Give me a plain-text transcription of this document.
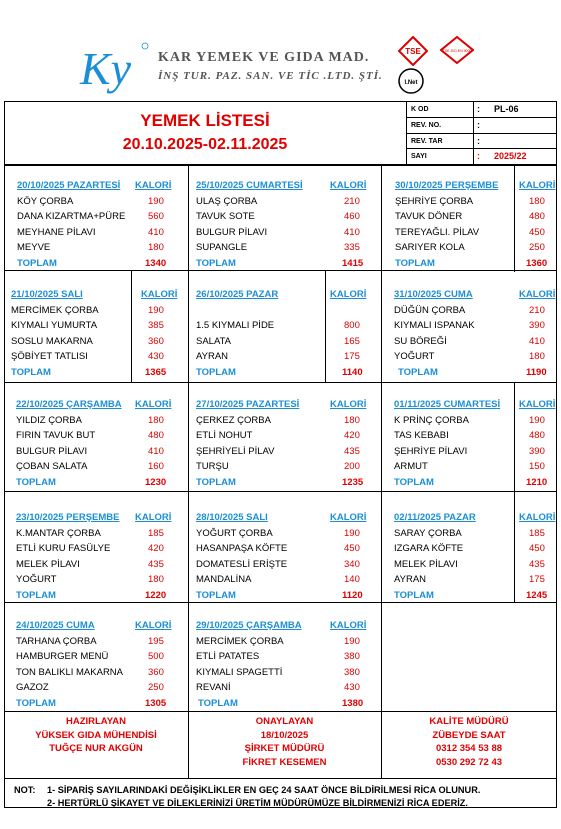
Ky KAR YEMEK VE GIDA MAD.
İNŞ TUR. PAZ. SAN. VE TİC .LTD. ŞTİ.
TSE	TSE-ISO-EN 9000
I.Net
YEMEK LİSTESİ
20.10.2025-02.11.2025
K OD	: PL-06
REV. NO.	:
REV. TAR	:
SAYI	: 2025/22
20/10/2025 PAZARTESİ KALORİ
KÖY ÇORBA	190
DANA KIZARTMA+PÜRE 560
MEYHANE PİLAVI	410
MEYVE	180
TOPLAM	1340
25/10/2025 CUMARTESİ	KALORİ
ULAŞ ÇORBA	210
TAVUK SOTE	460
BULGUR PİLAVI	410
SUPANGLE	335
TOPLAM	1415
30/10/2025 PERŞEMBE KALORİ
ŞEHRİYE ÇORBA	180
TAVUK DÖNER	480
TEREYAĞLI. PİLAV	450
SARIYER KOLA	250
TOPLAM	1360
21/10/2025 SALI	KALORİ
MERCİMEK ÇORBA	190
KIYMALI YUMURTA	385
SOSLU MAKARNA	360
ŞÖBİYET TATLISI	430
TOPLAM	1365
26/10/2025 PAZAR	KALORİ
1.5 KIYMALI PİDE	800
SALATA	165
AYRAN	175
TOPLAM	1140
31/10/2025 CUMA	KALORİ
DÜĞÜN ÇORBA	210
KIYMALI ISPANAK	390
SU BÖREĞİ	410
YOĞURT	180
TOPLAM	1190
22/10/2025 ÇARŞAMBA KALORİ
YILDIZ ÇORBA	180
FIRIN TAVUK BUT	480
BULGUR PİLAVI	410
ÇOBAN SALATA	160
TOPLAM	1230
27/10/2025 PAZARTESİ	KALORİ
ÇERKEZ ÇORBA	180
ETLİ NOHUT	420
ŞEHRİYELİ PİLAV	435
TURŞU	200
TOPLAM	1235
01/11/2025 CUMARTESİ KALORİ
K PRİNÇ ÇORBA	190
TAS KEBABI	480
ŞEHRİYE PİLAVI	390
ARMUT	150
TOPLAM	1210
23/10/2025 PERŞEMBE KALORİ
K.MANTAR ÇORBA	185
ETLİ KURU FASÜLYE	420
MELEK PİLAVI	435
YOĞURT	180
TOPLAM	1220
28/10/2025 SALI	KALORİ
YOĞURT ÇORBA	190
HASANPAŞA KÖFTE	450
DOMATESLİ ERİŞTE	340
MANDALİNA	140
TOPLAM	1120
02/11/2025 PAZAR	KALORİ
SARAY ÇORBA	185
IZGARA KÖFTE	450
MELEK PİLAVI	435
AYRAN	175
TOPLAM	1245
24/10/2025 CUMA	KALORİ
TARHANA ÇORBA	195
HAMBURGER MENÜ	500
TON BALIKLI MAKARNA	360
GAZOZ	250
TOPLAM	1305
29/10/2025 ÇARŞAMBA	KALORİ
MERCİMEK ÇORBA	190
ETLİ PATATES	380
KIYMALI SPAGETTİ	380
REVANİ	430
TOPLAM	1380
HAZIRLAYAN
YÜKSEK GIDA MÜHENDİSİ
TUĞÇE NUR AKGÜN
ONAYLAYAN
18/10/2025
ŞİRKET MÜDÜRÜ
FİKRET KESEMEN
KALİTE MÜDÜRÜ
ZÜBEYDE SAAT
0312 354 53 88
0530 292 72 43
NOT: 1- SİPARİŞ SAYILARINDAKİ DEĞİŞİKLİKLER EN GEÇ 24 SAAT ÖNCE BİLDİRİLMESİ RİCA OLUNUR.
2- HERTÜRLÜ ŞİKAYET VE DİLEKLERİNİZİ ÜRETİM MÜDÜRÜMÜZE BİLDİRMENİZİ RİCA EDERİZ.
